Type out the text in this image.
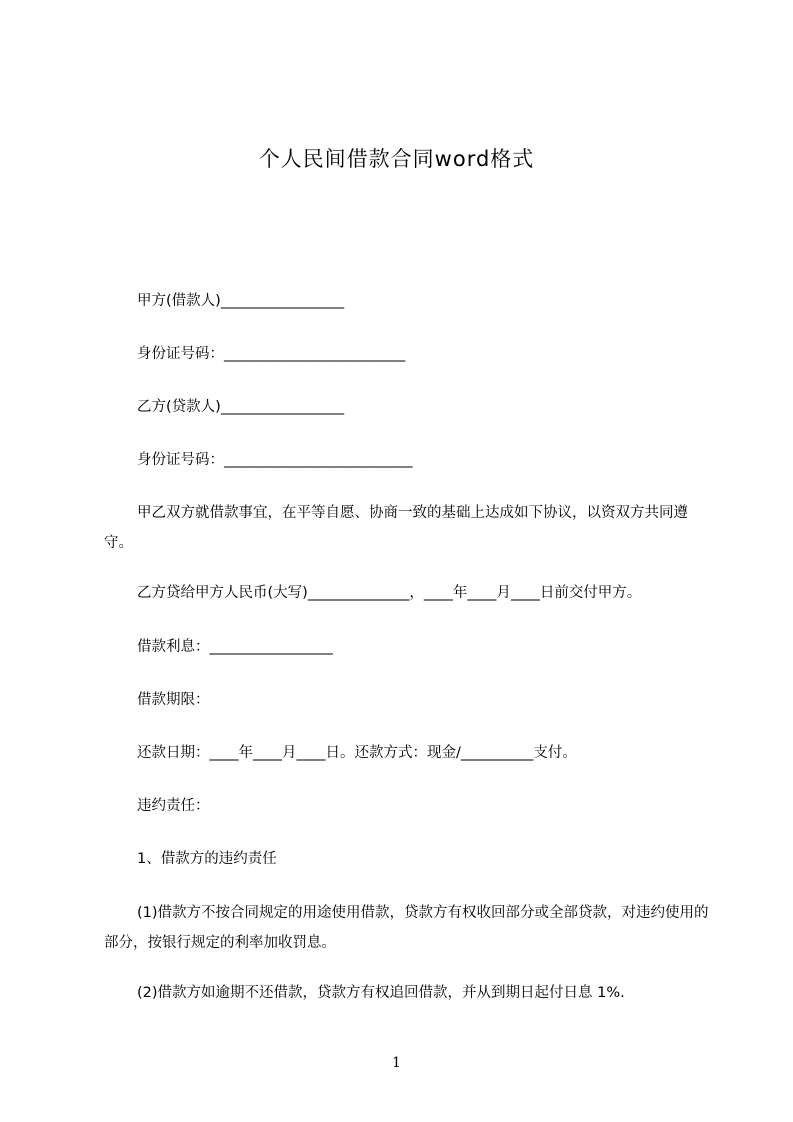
个人民间借款合同word格式
甲方(借款人)_________________
身份证号码：_________________________
乙方(贷款人)_________________
身份证号码：__________________________
甲乙双方就借款事宜，在平等自愿、协商一致的基础上达成如下协议，以资双方共同遵守。
乙方贷给甲方人民币(大写)______________，____年____月____日前交付甲方。
借款利息：_________________
借款期限：
还款日期：____年____月____日。还款方式：现金/__________支付。
违约责任：
1、借款方的违约责任
(1)借款方不按合同规定的用途使用借款，贷款方有权收回部分或全部贷款，对违约使用的部分，按银行规定的利率加收罚息。
(2)借款方如逾期不还借款，贷款方有权追回借款，并从到期日起付日息 1%.
1
